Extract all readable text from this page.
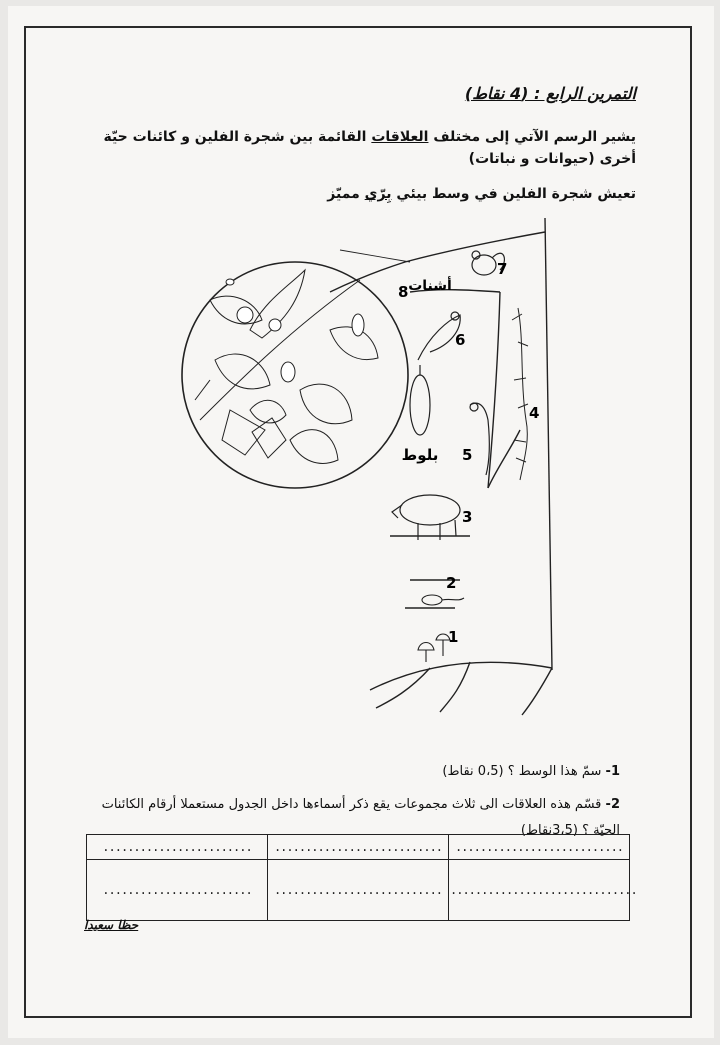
التمرين الرابع : (4 نقاط)
يشير الرسم الآتي إلى مختلف العلاقات القائمة بين شجرة الفلين و كائنات حيّة أخرى (حيوانات و نباتات)
تعيش شجرة الفلين في وسط بيئي بِرّي مميّز
1
2
3
4
5
6
7
8 أشنات
بلوط
1- سمّ هذا الوسط ؟ (0،5 نقاط)
2- قسّم هذه العلاقات الى ثلاث مجموعات يقع ذكر أسماءها داخل الجدول مستعملا أرقام الكائنات الحيّة ؟ (3،5نقاط)
........................	...........................	...........................
........................	...........................	..............................
حظا سعيدا
